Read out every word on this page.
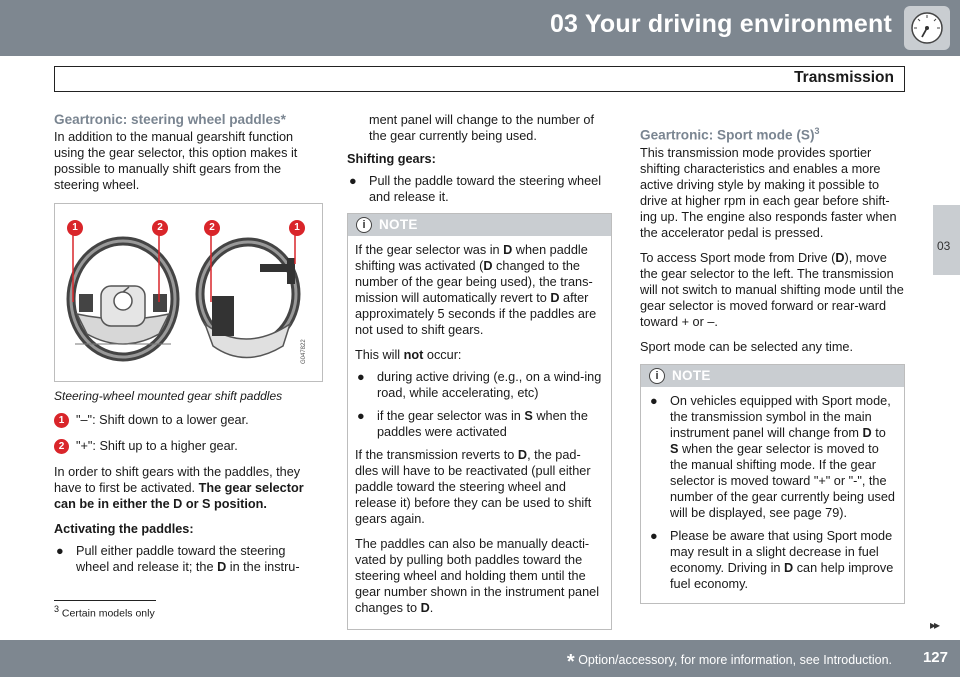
03 Your driving environment
Transmission
03
Geartronic: steering wheel paddles*

In addition to the manual gearshift function using the gear selector, this option makes it possible to manually shift gears from the steering wheel.

G047822
1	2	2	1
Steering-wheel mounted gear shift paddles
1 "–": Shift down to a lower gear.
2 "+": Shift up to a higher gear.

In order to shift gears with the paddles, they have to first be activated. The gear selector can be in either the D or S position.

Activating the paddles:

● Pull either paddle toward the steering wheel and release it; the D in the instru-

ment panel will change to the number of the gear currently being used.

Shifting gears:

● Pull the paddle toward the steering wheel and release it.
i NOTE

If the gear selector was in D when paddle shifting was activated (D changed to the number of the gear being used), the trans-mission will automatically revert to D after approximately 5 seconds if the paddles are not used to shift gears.

This will not occur:

● during active driving (e.g., on a wind-ing road, while accelerating, etc)
● if the gear selector was in S when the paddles were activated

If the transmission reverts to D, the pad-dles will have to be reactivated (pull either paddle toward the steering wheel and release it) before they can be used to shift gears again.

The paddles can also be manually deacti-vated by pulling both paddles toward the steering wheel and holding them until the gear number shown in the instrument panel changes to D.

Geartronic: Sport mode $(S)^3$

This transmission mode provides sportier shifting characteristics and enables a more active driving style by making it possible to drive at higher rpm in each gear before shift-ing up. The engine also responds faster when the accelerator pedal is pressed.

To access Sport mode from Drive (D), move the gear selector to the left. The transmission will not switch to manual shifting mode until the gear selector is moved forward or rear-ward toward + or –.

Sport mode can be selected any time.

i NOTE
● On vehicles equipped with Sport mode, the transmission symbol in the main instrument panel will change from D to S when the gear selector is moved to the manual shifting mode. If the gear selector is moved toward "+" or "-", the number of the gear currently being used will be displayed, see page 79).
● Please be aware that using Sport mode may result in a slight decrease in fuel economy. Driving in D can help improve fuel economy.
$^3$ Certain models only
▸▸
* Option/accessory, for more information, see Introduction. 127
